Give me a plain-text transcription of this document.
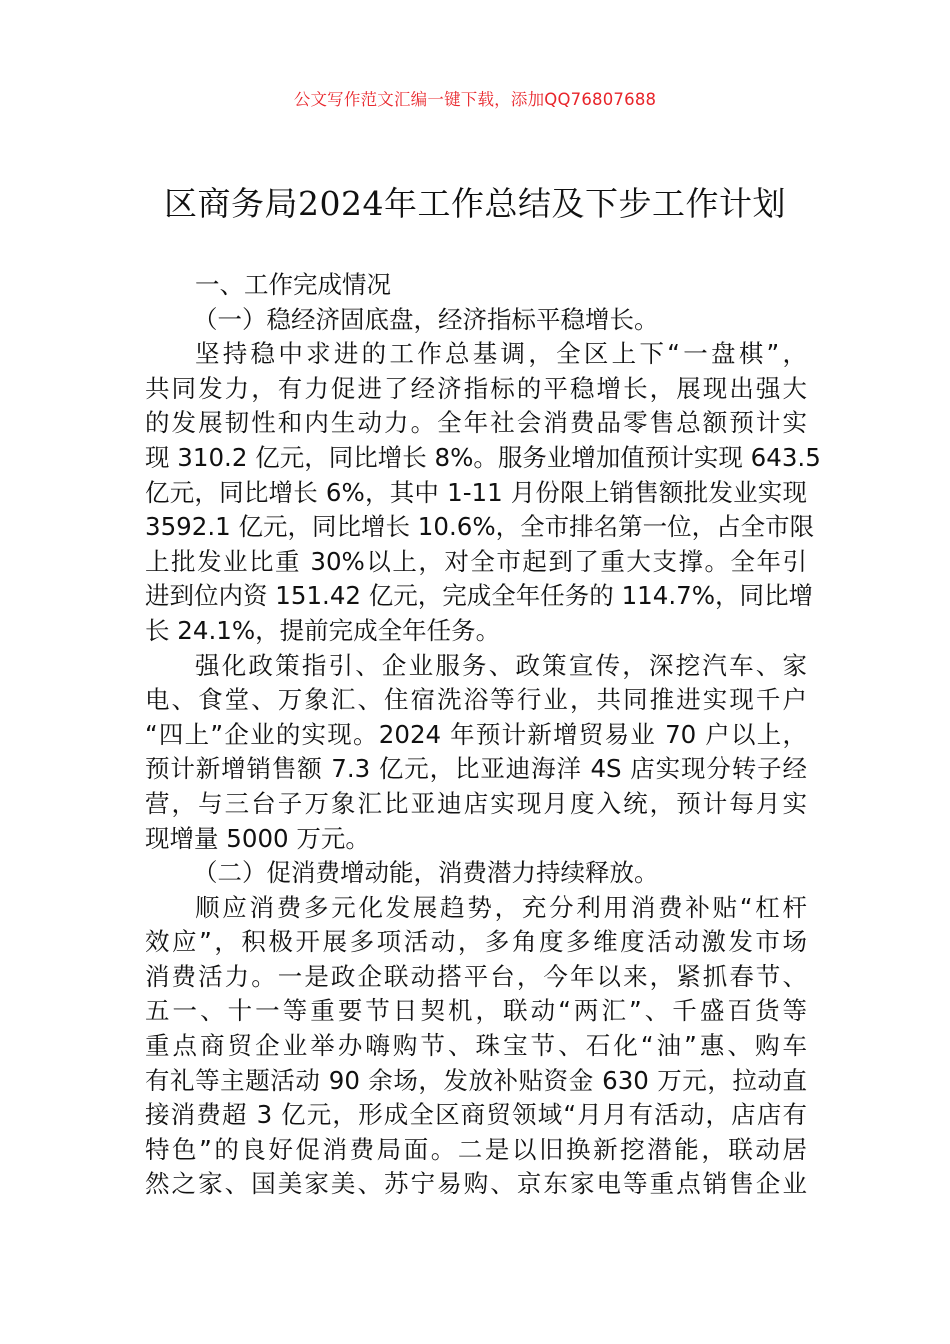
公文写作范文汇编一键下载，添加QQ76807688
区商务局2024年工作总结及下步工作计划
一、工作完成情况
（一）稳经济固底盘，经济指标平稳增长。
坚持稳中求进的工作总基调，全区上下“一盘棋”，
共同发力，有力促进了经济指标的平稳增长，展现出强大
的发展韧性和内生动力。全年社会消费品零售总额预计实
现 310.2 亿元，同比增长 8%。服务业增加值预计实现 643.5
亿元，同比增长 6%，其中 1-11 月份限上销售额批发业实现
3592.1 亿元，同比增长 10.6%，全市排名第一位，占全市限
上批发业比重 30%以上，对全市起到了重大支撑。全年引
进到位内资 151.42 亿元，完成全年任务的 114.7%，同比增
长 24.1%，提前完成全年任务。
强化政策指引、企业服务、政策宣传，深挖汽车、家
电、食堂、万象汇、住宿洗浴等行业，共同推进实现千户
“四上”企业的实现。2024 年预计新增贸易业 70 户以上，
预计新增销售额 7.3 亿元，比亚迪海洋 4S 店实现分转子经
营，与三台子万象汇比亚迪店实现月度入统，预计每月实
现增量 5000 万元。
（二）促消费增动能，消费潜力持续释放。
顺应消费多元化发展趋势，充分利用消费补贴“杠杆
效应”，积极开展多项活动，多角度多维度活动激发市场
消费活力。一是政企联动搭平台，今年以来，紧抓春节、
五一、十一等重要节日契机，联动“两汇”、千盛百货等
重点商贸企业举办嗨购节、珠宝节、石化“油”惠、购车
有礼等主题活动 90 余场，发放补贴资金 630 万元，拉动直
接消费超 3 亿元，形成全区商贸领域“月月有活动，店店有
特色”的良好促消费局面。二是以旧换新挖潜能，联动居
然之家、国美家美、苏宁易购、京东家电等重点销售企业
